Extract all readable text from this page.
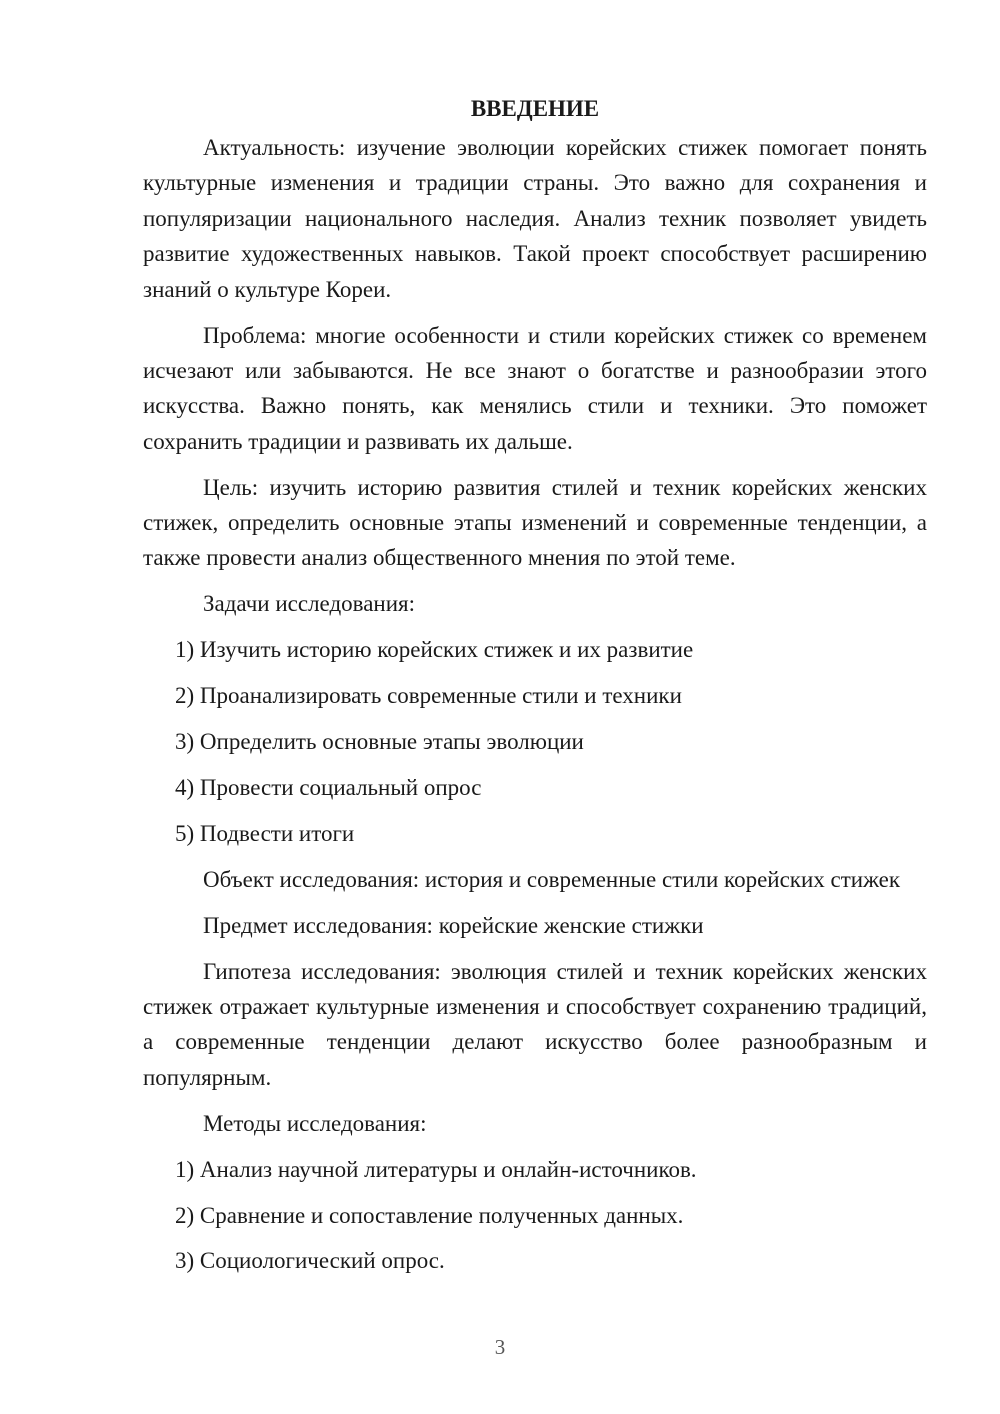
ВВЕДЕНИЕ

Актуальность: изучение эволюции корейских стижек помогает понять культурные изменения и традиции страны. Это важно для сохранения и популяризации национального наследия. Анализ техник позволяет увидеть развитие художественных навыков. Такой проект способствует расширению знаний о культуре Кореи.

Проблема: многие особенности и стили корейских стижек со временем исчезают или забываются. Не все знают о богатстве и разнообразии этого искусства. Важно понять, как менялись стили и техники. Это поможет сохранить традиции и развивать их дальше.

Цель: изучить историю развития стилей и техник корейских женских стижек, определить основные этапы изменений и современные тенденции, а также провести анализ общественного мнения по этой теме.

Задачи исследования:
1) Изучить историю корейских стижек и их развитие
2) Проанализировать современные стили и техники
3) Определить основные этапы эволюции
4) Провести социальный опрос
5) Подвести итоги

Объект исследования: история и современные стили корейских стижек

Предмет исследования: корейские женские стижки

Гипотеза исследования: эволюция стилей и техник корейских женских стижек отражает культурные изменения и способствует сохранению традиций, а современные тенденции делают искусство более разнообразным и популярным.

Методы исследования:
1) Анализ научной литературы и онлайн-источников.
2) Сравнение и сопоставление полученных данных.
3) Социологический опрос.
3
